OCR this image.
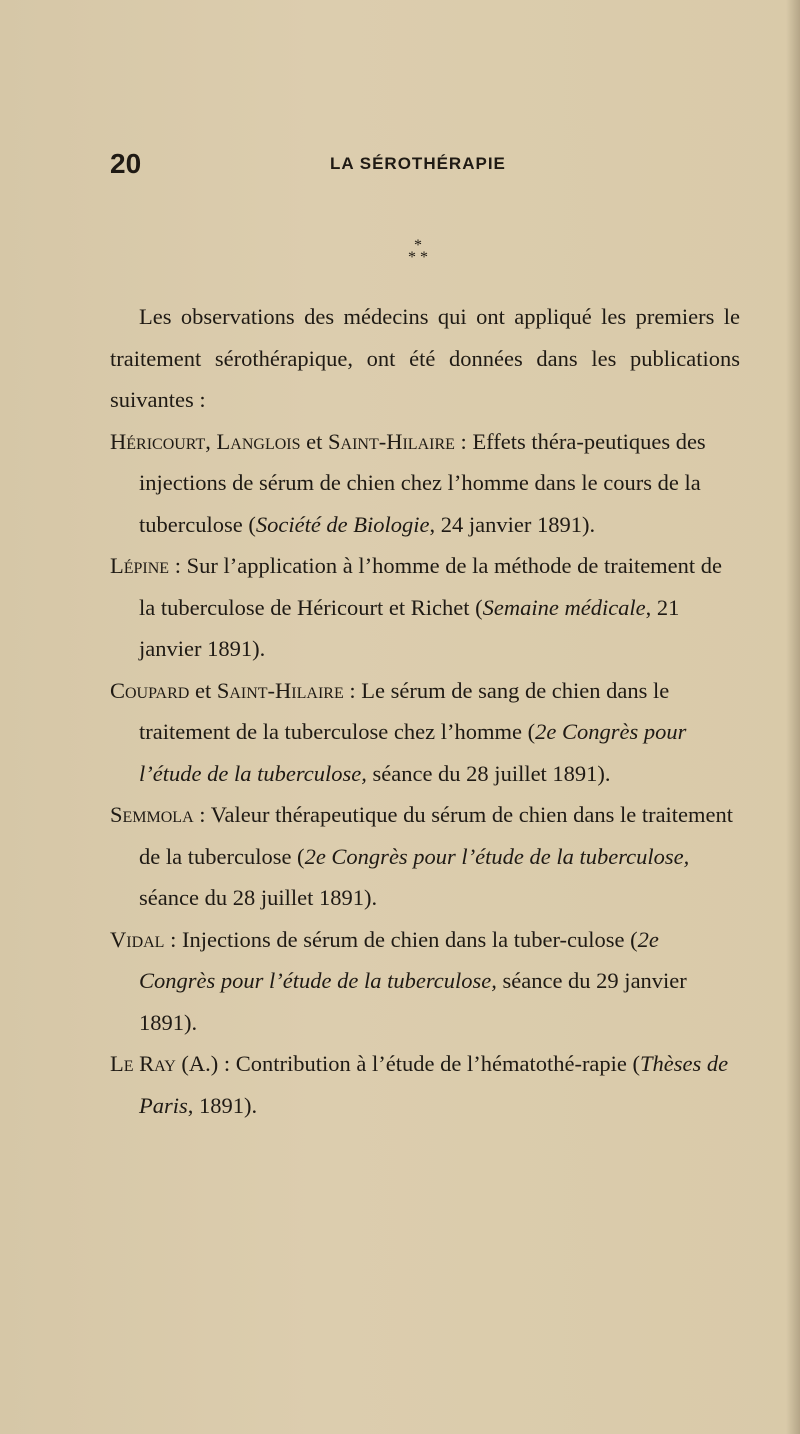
20	LA SÉROTHÉRAPIE
*
* *

Les observations des médecins qui ont appliqué les premiers le traitement sérothérapique, ont été données dans les publications suivantes :

Héricourt, Langlois et Saint-Hilaire : Effets théra-peutiques des injections de sérum de chien chez l’homme dans le cours de la tuberculose (Société de Biologie, 24 janvier 1891).

Lépine : Sur l’application à l’homme de la méthode de traitement de la tuberculose de Héricourt et Richet (Semaine médicale, 21 janvier 1891).

Coupard et Saint-Hilaire : Le sérum de sang de chien dans le traitement de la tuberculose chez l’homme (2e Congrès pour l’étude de la tuberculose, séance du 28 juillet 1891).

Semmola : Valeur thérapeutique du sérum de chien dans le traitement de la tuberculose (2e Congrès pour l’étude de la tuberculose, séance du 28 juillet 1891).

Vidal : Injections de sérum de chien dans la tuber-culose (2e Congrès pour l’étude de la tuberculose, séance du 29 janvier 1891).

Le Ray (A.) : Contribution à l’étude de l’hématothé-rapie (Thèses de Paris, 1891).
